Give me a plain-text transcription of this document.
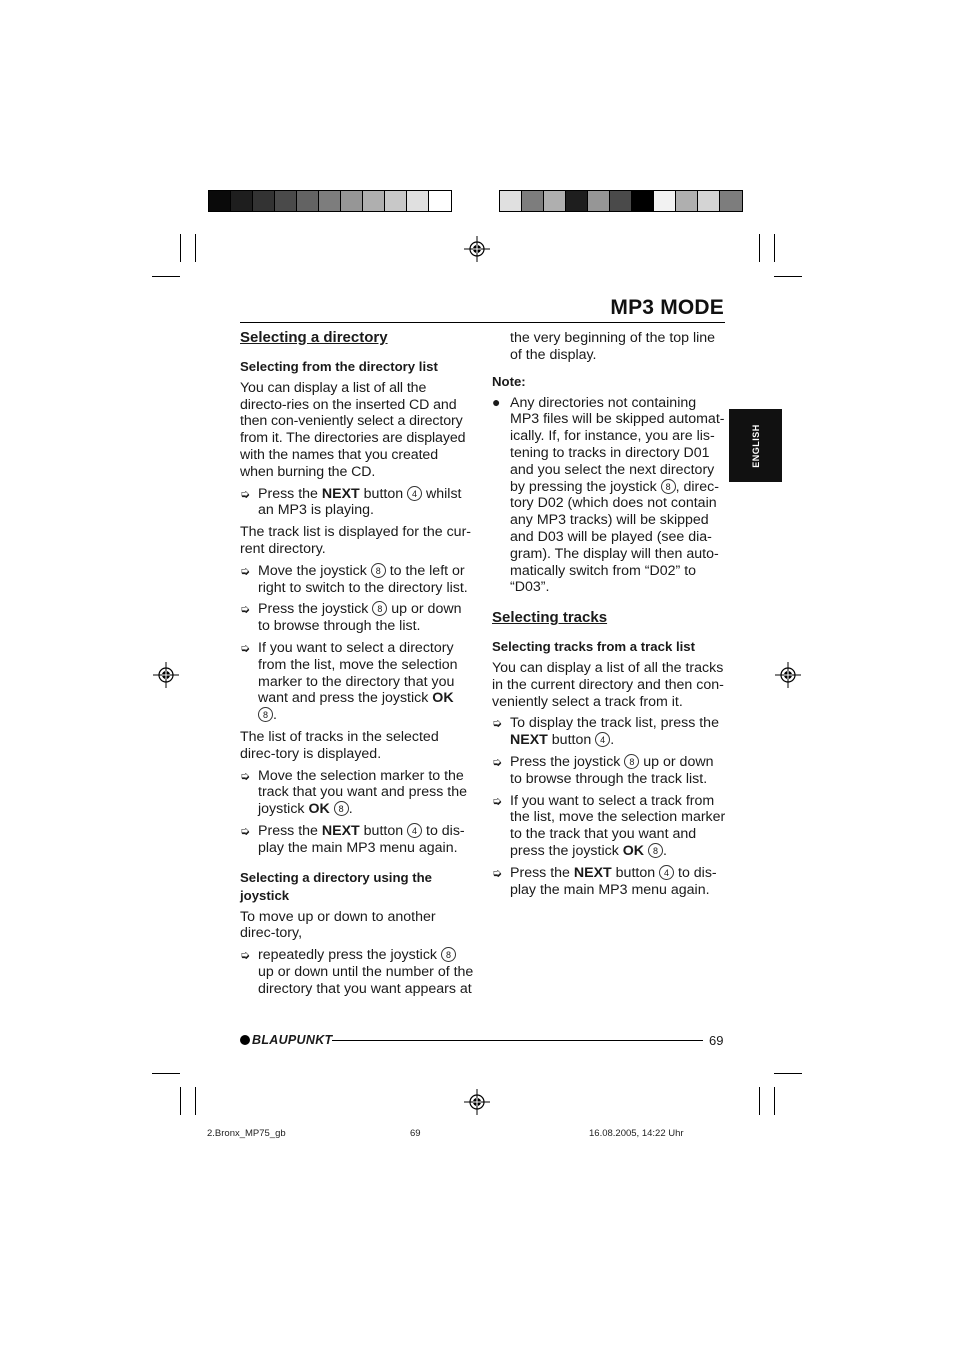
MP3 MODE
ENGLISH
Selecting a directory
Selecting from the directory list

You can display a list of all the directo-ries on the inserted CD and then con-veniently select a directory from it. The directories are displayed with the names that you created when burning the CD.

➭ Press the NEXT button 4 whilst an MP3 is playing.

The track list is displayed for the cur-rent directory.

➭ Move the joystick 8 to the left or right to switch to the directory list.
➭ Press the joystick 8 up or down to browse through the list.
➭ If you want to select a directory from the list, move the selection marker to the directory that you want and press the joystick OK
8 .

The list of tracks in the selected direc-tory is displayed.

➭ Move the selection marker to the track that you want and press the joystick OK 8 .
➭ Press the NEXT button 4 to dis-play the main MP3 menu again.
Selecting a directory using the joystick

To move up or down to another direc-tory,

➭ repeatedly press the joystick 8 up or down until the number of the directory that you want appears at

the very beginning of the top line of the display.

Note:
● Any directories not containing MP3 files will be skipped automat-ically. If, for instance, you are lis-tening to tracks in directory D01 and you select the next directory by pressing the joystick 8 , direc-tory D02 (which does not contain any MP3 tracks) will be skipped and D03 will be played (see dia-gram). The display will then auto-matically switch from “D02” to “D03”.
Selecting tracks
Selecting tracks from a track list

You can display a list of all the tracks in the current directory and then con-veniently select a track from it.

➭ To display the track list, press the NEXT button 4 .
➭ Press the joystick 8 up or down to browse through the track list.
➭ If you want to select a track from the list, move the selection marker to the track that you want and press the joystick OK 8 .
➭ Press the NEXT button 4 to dis-play the main MP3 menu again.
BLAUPUNKT	69
2.Bronx_MP75_gb	69	16.08.2005, 14:22 Uhr
